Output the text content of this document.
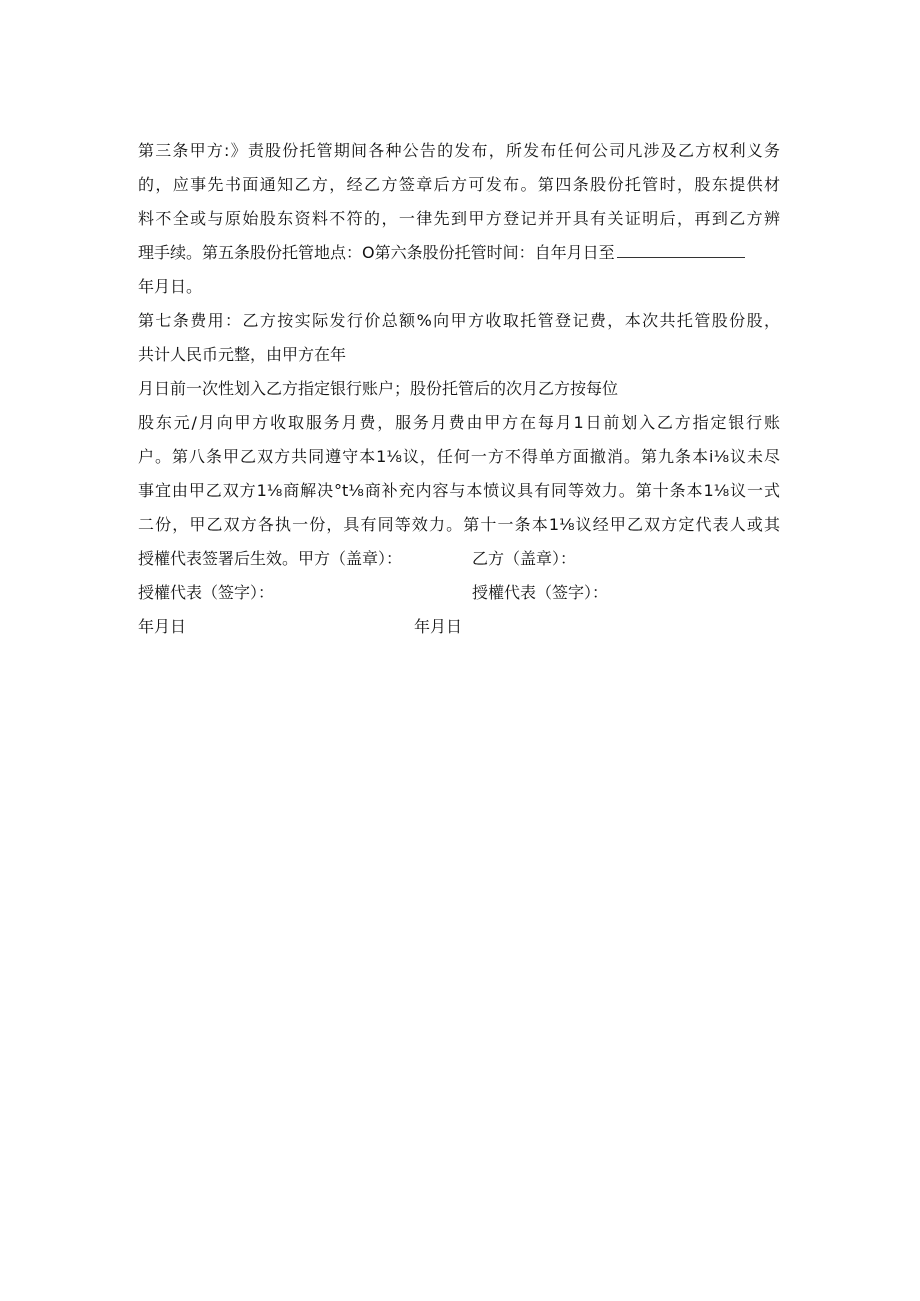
第三条甲方:》责股份托管期间各种公告的发布，所发布任何公司凡涉及乙方权利义务
的，应事先书面通知乙方，经乙方签章后方可发布。第四条股份托管时，股东提供材
料不全或与原始股东资料不符的，一律先到甲方登记并开具有关证明后，再到乙方辨
理手续。第五条股份托管地点：O第六条股份托管时间：自年月日至
年月日。
第七条费用：乙方按实际发行价总额%向甲方收取托管登记费，本次共托管股份股，
共计人民币元整，由甲方在年
月日前一次性划入乙方指定银行账户；股份托管后的次月乙方按每位
股东元/月向甲方收取服务月费，服务月费由甲方在每月1日前划入乙方指定银行账
户。第八条甲乙双方共同遵守本1⅛议，任何一方不得单方面撤消。第九条本i⅛议未尽
事宜由甲乙双方1⅛商解决°t⅛商补充内容与本愤议具有同等效力。第十条本1⅛议一式
二份，甲乙双方各执一份，具有同等效力。第十一条本1⅛议经甲乙双方定代表人或其
授權代表签署后生效。甲方（盖章）：	乙方（盖章）：
授權代表（签字）：	授權代表（签字）：
年月日	年月日
